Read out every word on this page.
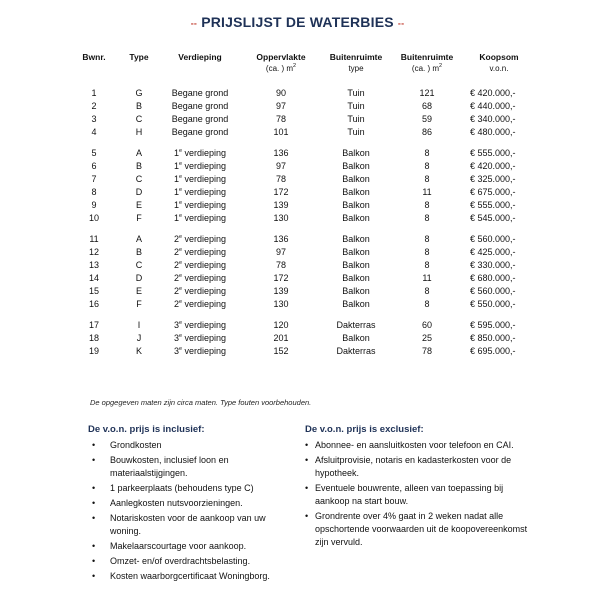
-- PRIJSLIJST DE WATERBIES --
Bwnr.	Type	Verdieping	Oppervlakte	Buitenruimte	Buitenruimte	Koopsom
			(ca. ) $m^2$	type	(ca. ) $m^2$	v.o.n.

1	G	Begane grond	90	Tuin	121	€ 420.000,-
2	B	Begane grond	97	Tuin	68	€ 440.000,-
3	C	Begane grond	78	Tuin	59	€ 340.000,-
4	H	Begane grond	101	Tuin	86	€ 480.000,-

5	A	1e verdieping	136	Balkon	8	€ 555.000,-
6	B	1e verdieping	97	Balkon	8	€ 420.000,-
7	C	1e verdieping	78	Balkon	8	€ 325.000,-
8	D	1e verdieping	172	Balkon	11	€ 675.000,-
9	E	1e verdieping	139	Balkon	8	€ 555.000,-
10	F	1e verdieping	130	Balkon	8	€ 545.000,-

11	A	2e verdieping	136	Balkon	8	€ 560.000,-
12	B	2e verdieping	97	Balkon	8	€ 425.000,-
13	C	2e verdieping	78	Balkon	8	€ 330.000,-
14	D	2e verdieping	172	Balkon	11	€ 680.000,-
15	E	2e verdieping	139	Balkon	8	€ 560.000,-
16	F	2e verdieping	130	Balkon	8	€ 550.000,-

17	I	3e verdieping	120	Dakterras	60	€ 595.000,-
18	J	3e verdieping	201	Balkon	25	€ 850.000,-
19	K	3e verdieping	152	Dakterras	78	€ 695.000,-
De opgegeven maten zijn circa maten. Type fouten voorbehouden.
De v.o.n. prijs is inclusief:
• Grondkosten
• Bouwkosten, inclusief loon en materiaalstijgingen.
• 1 parkeerplaats (behoudens type C)
• Aanlegkosten nutsvoorzieningen.
• Notariskosten voor de aankoop van uw woning.
• Makelaarscourtage voor aankoop.
• Omzet- en/of overdrachtsbelasting.
• Kosten waarborgcertificaat Woningborg.
De v.o.n. prijs is exclusief:
• Abonnee- en aansluitkosten voor telefoon en CAI.
• Afsluitprovisie, notaris en kadasterkosten voor de hypotheek.
• Eventuele bouwrente, alleen van toepassing bij aankoop na start bouw.
• Grondrente over 4% gaat in 2 weken nadat alle opschortende voorwaarden uit de koopovereenkomst zijn vervuld.
